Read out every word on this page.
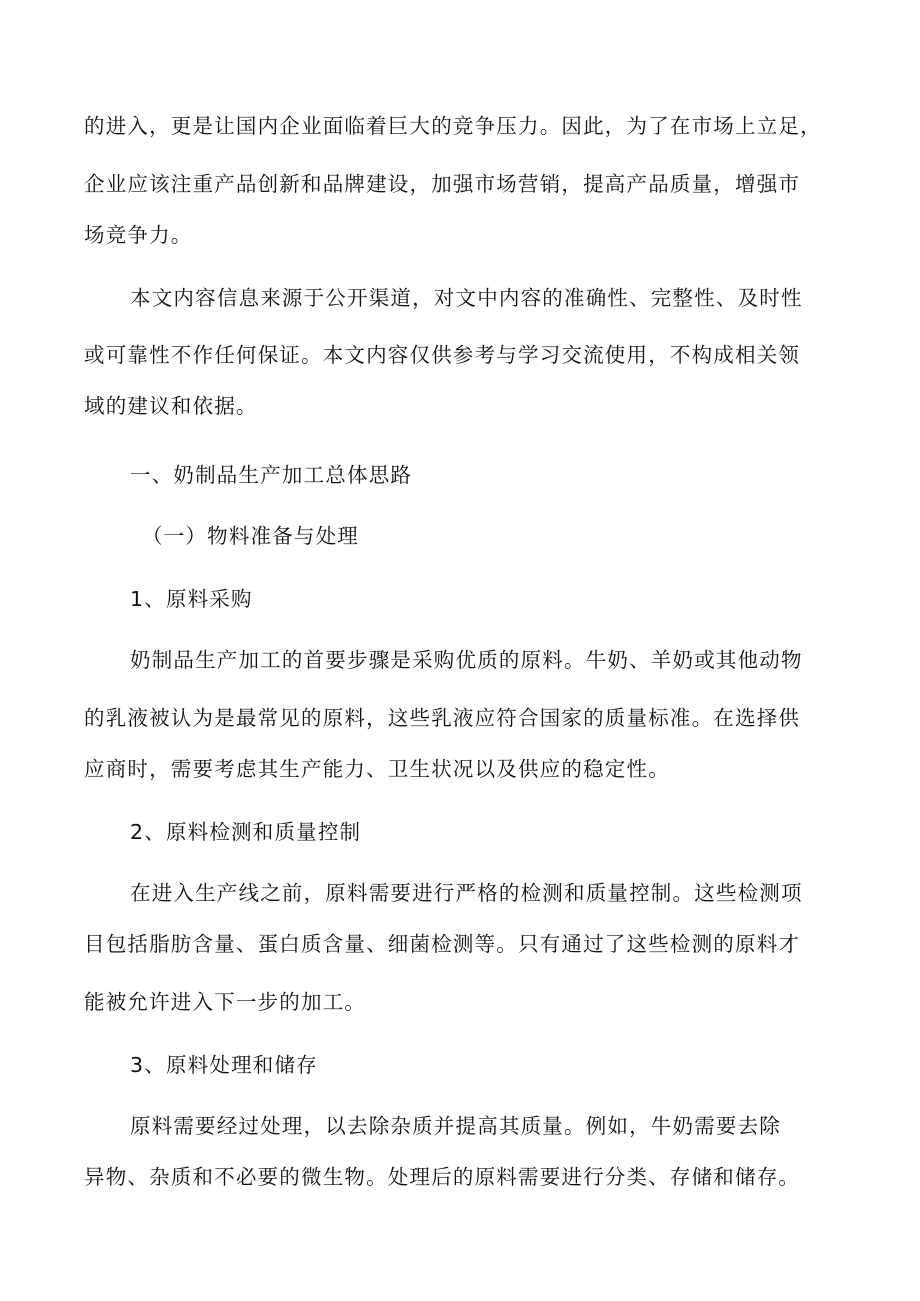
的进入，更是让国内企业面临着巨大的竞争压力。因此，为了在市场上立足，
企业应该注重产品创新和品牌建设，加强市场营销，提高产品质量，增强市
场竞争力。
本文内容信息来源于公开渠道，对文中内容的准确性、完整性、及时性
或可靠性不作任何保证。本文内容仅供参考与学习交流使用，不构成相关领
域的建议和依据。
一、奶制品生产加工总体思路
（一）物料准备与处理
1、原料采购
奶制品生产加工的首要步骤是采购优质的原料。牛奶、羊奶或其他动物
的乳液被认为是最常见的原料，这些乳液应符合国家的质量标准。在选择供
应商时，需要考虑其生产能力、卫生状况以及供应的稳定性。
2、原料检测和质量控制
在进入生产线之前，原料需要进行严格的检测和质量控制。这些检测项
目包括脂肪含量、蛋白质含量、细菌检测等。只有通过了这些检测的原料才
能被允许进入下一步的加工。
3、原料处理和储存
原料需要经过处理，以去除杂质并提高其质量。例如，牛奶需要去除
异物、杂质和不必要的微生物。处理后的原料需要进行分类、存储和储存。
